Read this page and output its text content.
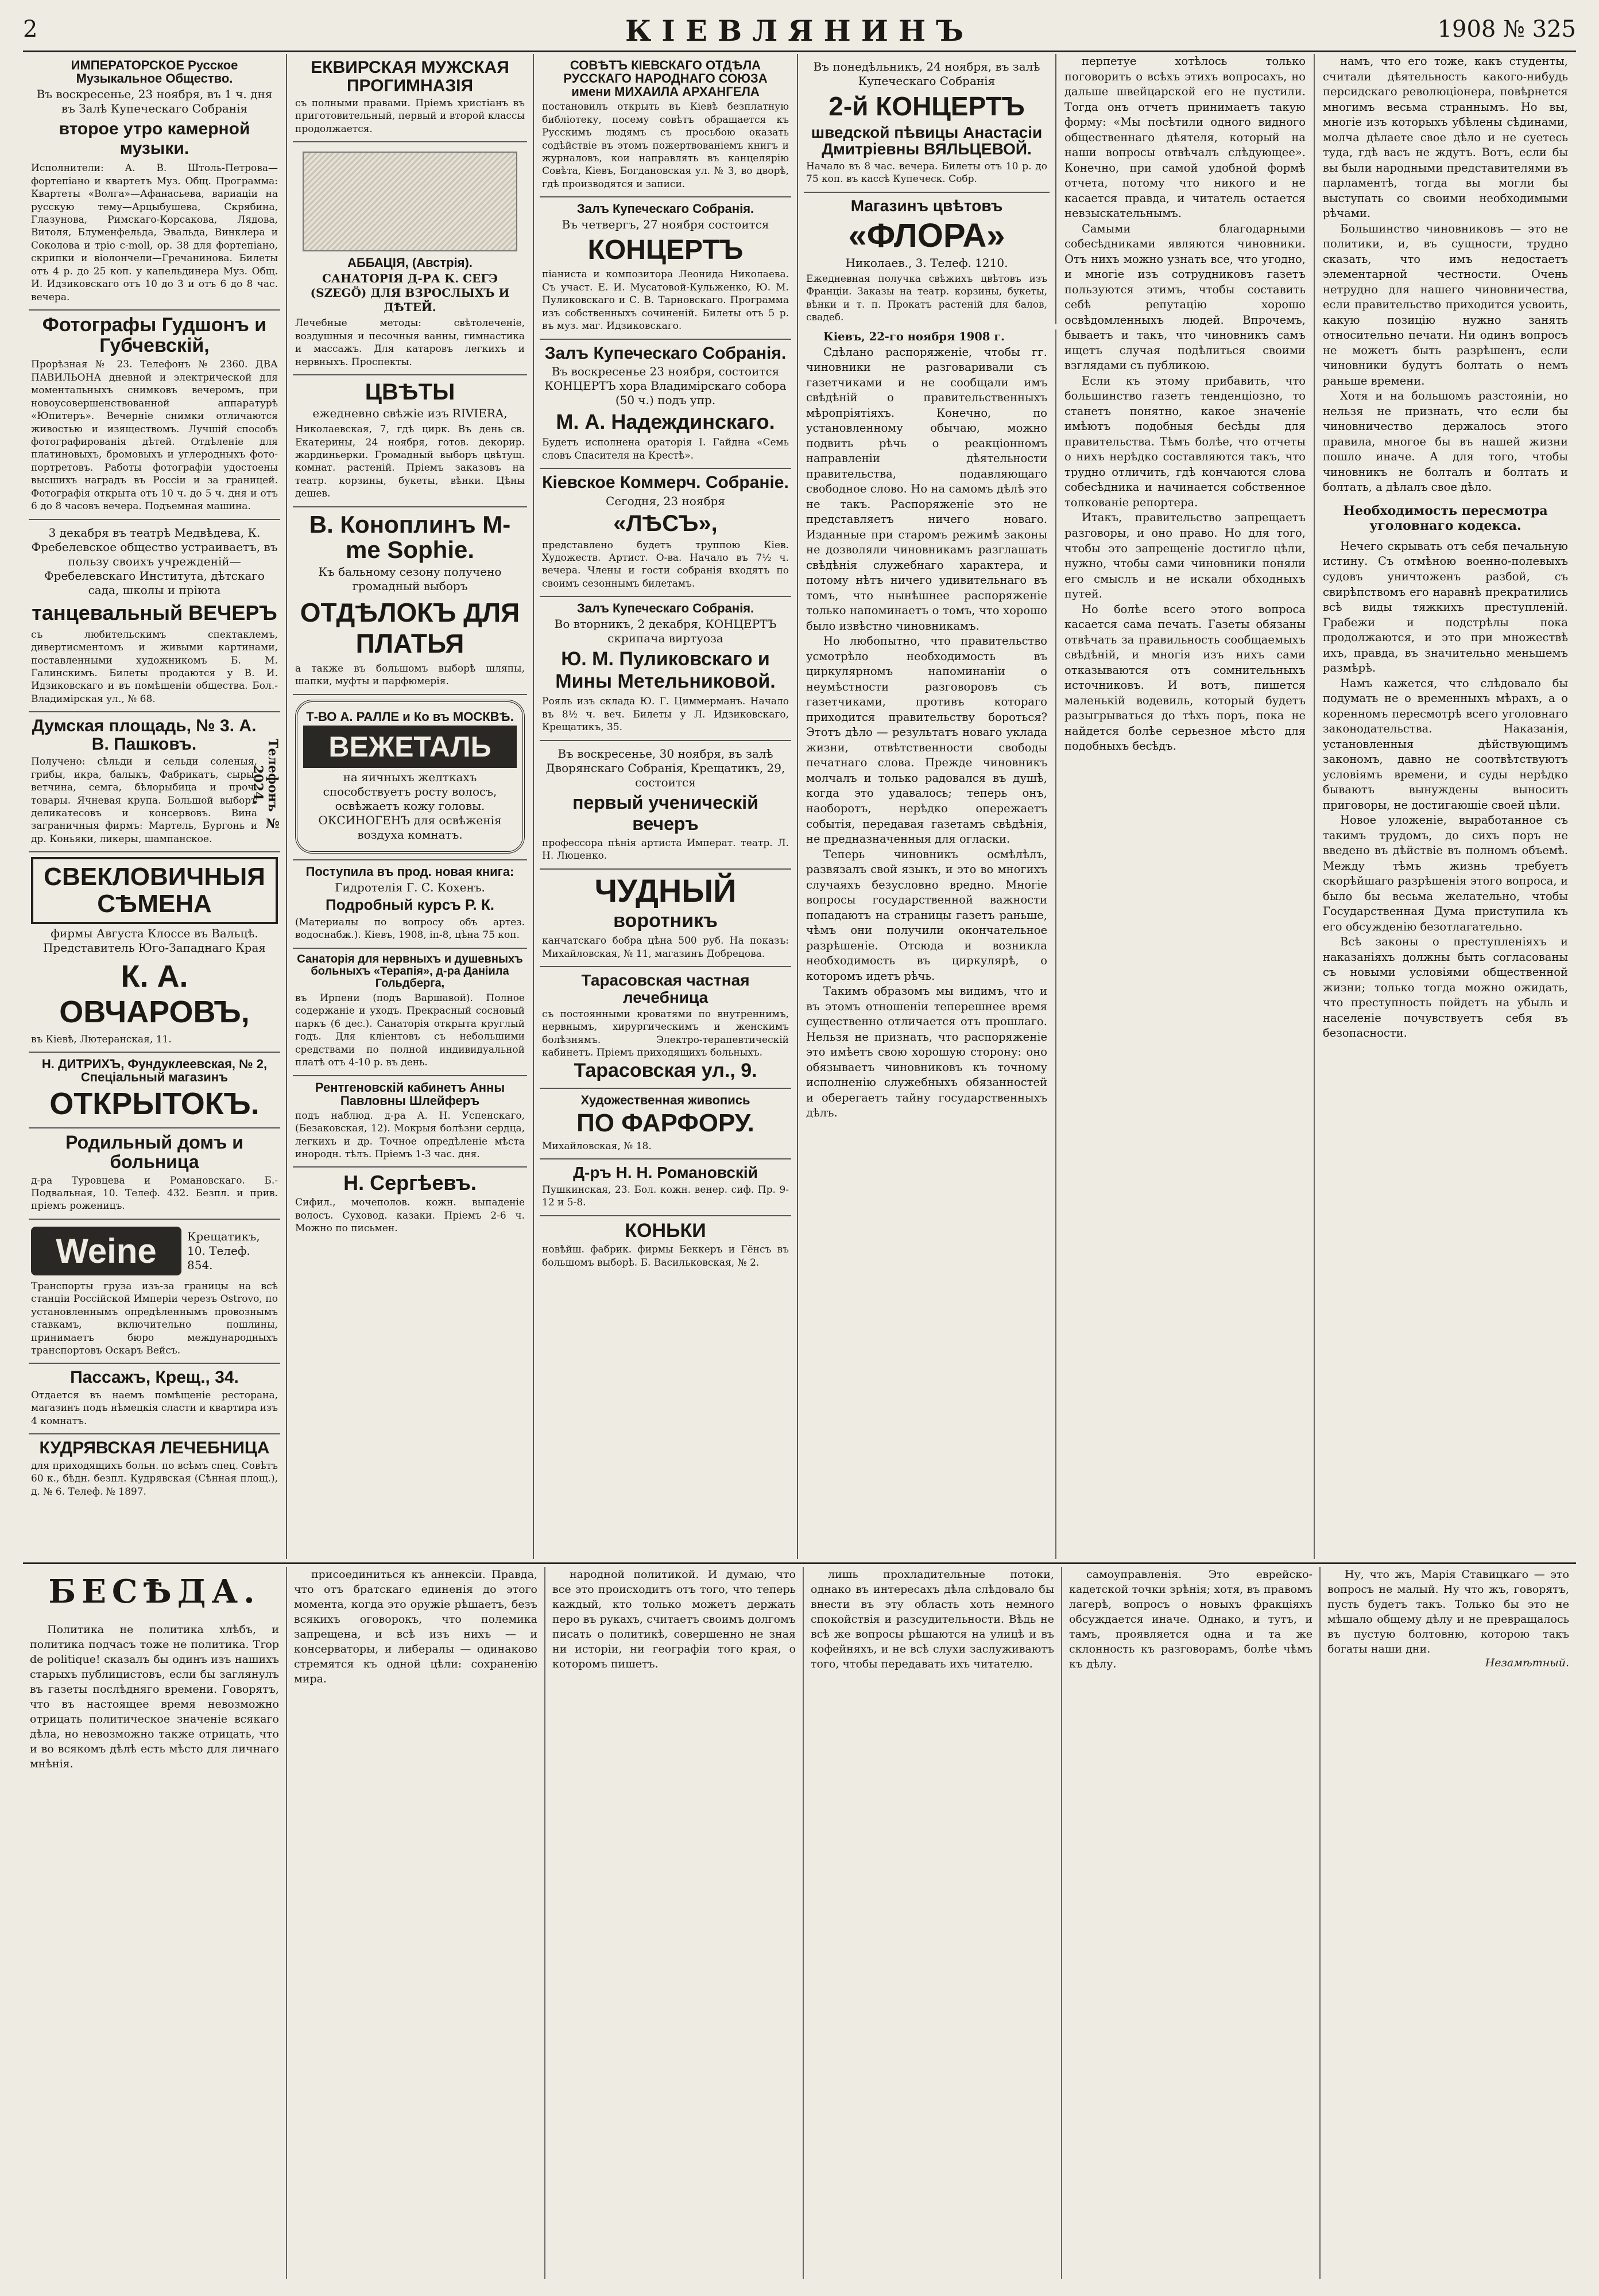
2	КІЕВЛЯНИНЪ	1908 № 325
ИМПЕРАТОРСКОЕ Русское Музыкальное Общество.
Въ воскресенье, 23 ноября, въ 1 ч. дня въ Залѣ Купеческаго Собранія
второе утро камерной музыки.
Исполнители: А. В. Штоль-Петрова—фортепіано и квартетъ Муз. Общ. Программа: Квартеты «Волга»—Афанасьева, вариаціи на русскую тему—Арцыбушева, Скрябина, Глазунова, Римскаго-Корсакова, Лядова, Витоля, Блуменфельда, Эвальда, Винклера и Соколова и трio с-moll, ор. 38 для фортепіано, скрипки и віолончели—Гречанинова. Билеты отъ 4 р. до 25 коп. у капельдинера Муз. Общ. И. Идзиковскаго отъ 10 до 3 и отъ 6 до 8 час. вечера.
Фотографы Гудшонъ и Губчевскій,
Прорѣзная № 23. Телефонъ № 2360. ДВА ПАВИЛЬОНА дневной и электрической для моментальныхъ снимковъ вечеромъ, при новоусовершенствованной аппаратурѣ «Юпитеръ». Вечерніе снимки отличаются живостью и изяществомъ. Лучшій способъ фотографированія дѣтей. Отдѣленіе для платиновыхъ, бромовыхъ и углеродныхъ фото-портретовъ. Работы фотографіи удостоены высшихъ наградъ въ Россіи и за границей. Фотографія открыта отъ 10 ч. до 5 ч. дня и отъ 6 до 8 часовъ вечера. Подъемная машина.
3 декабря въ театрѣ Медвѣдева, К. Фребелевское общество устраиваетъ, въ пользу своихъ учрежденій—Фребелевскаго Института, дѣтскаго сада, школы и пріюта
танцевальный ВЕЧЕРЪ
съ любительскимъ спектаклемъ, дивертисментомъ и живыми картинами, поставленными художникомъ Б. М. Галинскимъ. Билеты продаются у В. И. Идзиковскаго и въ помѣщеніи общества. Бол.-Владимірская ул., № 68.
Думская площадь, № 3. А. В. Пашковъ.
Получено: сѣльди и сельди соленыя, грибы, икра, балыкъ, Фабрикатъ, сыры, ветчина, семга, бѣлорыбица и проч. товары. Ячневая крупа. Большой выборъ деликатесовъ и консервовъ. Вина заграничныя фирмъ: Мартель, Бургонь и др. Коньяки, ликеры, шампанское.
Телефонъ № 2024.
СВЕКЛОВИЧНЫЯ СѢМЕНА
фирмы Августа Клоссе въ Вальцѣ. Представитель Юго-Западнаго Края
К. А. ОВЧАРОВЪ,
въ Кіевѣ, Лютеранская, 11.
Н. ДИТРИХЪ, Фундуклеевская, № 2, Спеціальный магазинъ
ОТКРЫТОКЪ.
Родильный домъ и больница
д-ра Туровцева и Романовскаго. Б.-Подвальная, 10. Телеф. 432. Безпл. и прив. пріемъ роженицъ.
Weine	Крещатикъ, 10. Телеф. 854.
Транспорты груза изъ-за границы на всѣ станціи Россійской Имперіи черезъ Ostrovo, по установленнымъ опредѣленнымъ провознымъ ставкамъ, включительно пошлины, принимаетъ бюро международныхъ транспортовъ Оскаръ Вейсъ.
Пассажъ, Крещ., 34.
Отдается въ наемъ помѣщеніе ресторана, магазинъ подъ нѣмецкія сласти и квартира изъ 4 комнатъ.
КУДРЯВСКАЯ ЛЕЧЕБНИЦА
для приходящихъ больн. по всѣмъ спец. Совѣтъ 60 к., бѣдн. безпл. Кудрявская (Сѣнная площ.), д. № 6. Телеф. № 1897.
ЕКВИРСКАЯ МУЖСКАЯ ПРОГИМНАЗІЯ
съ полными правами. Пріемъ христіанъ въ приготовительный, первый и второй классы продолжается.
АББАЦІЯ, (Австрія).
САНАТОРІЯ Д-РА К. СЕГЭ (SZEGÖ) ДЛЯ ВЗРОСЛЫХЪ И ДѢТЕЙ.
Лечебные методы: свѣтолеченіе, воздушныя и песочныя ванны, гимнастика и массажъ. Для катаровъ легкихъ и нервныхъ. Проспекты.
ЦВѢТЫ
ежедневно свѣжіе изъ RIVIERA,
Николаевская, 7, гдѣ цирк. Въ день св. Екатерины, 24 ноября, готов. декорир. жардиньерки. Громадный выборъ цвѣтущ. комнат. растеній. Пріемъ заказовъ на театр. корзины, букеты, вѣнки. Цѣны дешев.
В. Коноплинъ M-me Sophie.
Къ бальному сезону получено громадный выборъ
ОТДѢЛОКЪ ДЛЯ ПЛАТЬЯ
а также въ большомъ выборѣ шляпы, шапки, муфты и парфюмерія.
Т-ВО А. РАЛЛЕ и Ко въ МОСКВѢ.
ВЕЖЕТАЛЬ
на яичныхъ желткахъ способствуетъ росту волосъ, освѣжаетъ кожу головы. ОКСИНОГЕНЪ для освѣженія воздуха комнатъ.
Поступила въ прод. новая книга:
Гидротелія Г. С. Кохенъ.
Подробный курсъ Р. К.
(Материалы по вопросу объ артез. водоснабж.). Кіевъ, 1908, іп-8, цѣна 75 коп.
Санаторія для нервныхъ и душевныхъ больныхъ «Терапія», д-ра Даніила Гольдберга,
въ Ирпени (подъ Варшавой). Полное содержаніе и уходъ. Прекрасный сосновый паркъ (6 дес.). Санаторія открыта круглый годъ. Для кліентовъ съ небольшими средствами по полной индивидуальной платѣ отъ 4-10 р. въ день.
Рентгеновскій кабинетъ Анны Павловны Шлейферъ
подъ наблюд. д-ра А. Н. Успенскаго, (Безаковская, 12). Мокрыя болѣзни сердца, легкихъ и др. Точное опредѣленіе мѣста инородн. тѣлъ. Пріемъ 1-3 час. дня.
Н. Сергѣевъ.
Сифил., мочеполов. кожн. выпаденіе волосъ. Суховод. казаки. Пріемъ 2-6 ч. Можно по письмен.
СОВѢТЪ КІЕВСКАГО ОТДѢЛА РУССКАГО НАРОДНАГО СОЮЗА имени МИХАИЛА АРХАНГЕЛА
постановилъ открыть въ Кіевѣ безплатную библіотеку, посему совѣтъ обращается къ Русскимъ людямъ съ просьбою оказать содѣйствіе въ этомъ пожертвованіемъ книгъ и журналовъ, кои направлять въ канцелярію Совѣта, Кіевъ, Богдановская ул. № 3, во дворѣ, гдѣ производятся и записи.
Залъ Купеческаго Собранія.
Въ четвергъ, 27 ноября состоится
КОНЦЕРТЪ
піаниста и композитора Леонида Николаева. Съ участ. Е. И. Мусатовой-Кульженко, Ю. М. Пуликовскаго и С. В. Тарновскаго. Программа изъ собственныхъ сочиненій. Билеты отъ 5 р. въ муз. маг. Идзиковскаго.
Залъ Купеческаго Собранія.
Въ воскресенье 23 ноября, состоится КОНЦЕРТЪ хора Владимірскаго собора (50 ч.) подъ упр.
М. А. Надеждинскаго.
Будетъ исполнена ораторія І. Гайдна «Семь словъ Спасителя на Крестѣ».
Кіевское Коммерч. Собраніе.
Сегодня, 23 ноября
«ЛѢСЪ»,
представлено будетъ труппою Кіев. Художеств. Артист. О-ва. Начало въ 7½ ч. вечера. Члены и гости собранія входятъ по своимъ сезоннымъ билетамъ.
Залъ Купеческаго Собранія.
Во вторникъ, 2 декабря, КОНЦЕРТЪ скрипача виртуоза
Ю. М. Пуликовскаго и Мины Метельниковой.
Рояль изъ склада Ю. Г. Циммерманъ. Начало въ 8½ ч. веч. Билеты у Л. Идзиковскаго, Крещатикъ, 35.
Въ воскресенье, 30 ноября, въ залѣ Дворянскаго Собранія, Крещатикъ, 29, состоится
первый ученическій вечеръ
профессора пѣнія артиста Императ. театр. Л. Н. Люценко.
ЧУДНЫЙ
воротникъ
канчатскаго бобра цѣна 500 руб. На показъ: Михайловская, № 11, магазинъ Добрецова.
Тарасовская частная лечебница
съ постоянными кроватями по внутреннимъ, нервнымъ, хирургическимъ и женскимъ болѣзнямъ. Электро-терапевтическій кабинетъ. Пріемъ приходящихъ больныхъ.
Тарасовская ул., 9.
Художественная живопись
ПО ФАРФОРУ.
Михайловская, № 18.
Д-ръ Н. Н. Романовскій
Пушкинская, 23. Бол. кожн. венер. сиф. Пр. 9-12 и 5-8.
КОНЬКИ
новѣйш. фабрик. фирмы Беккеръ и Гёнсъ въ большомъ выборѣ. Б. Васильковская, № 2.
Въ понедѣльникъ, 24 ноября, въ залѣ Купеческаго Собранія
2-й КОНЦЕРТЪ
шведской пѣвицы Анастасіи Дмитріевны ВЯЛЬЦЕВОЙ.
Начало въ 8 час. вечера. Билеты отъ 10 р. до 75 коп. въ кассѣ Купеческ. Собр.
Магазинъ цвѣтовъ
«ФЛОРА»
Николаев., 3. Телеф. 1210.
Ежедневная получка свѣжихъ цвѣтовъ изъ Франціи. Заказы на театр. корзины, букеты, вѣнки и т. п. Прокатъ растеній для балов, свадеб.

Кіевъ, 22-го ноября 1908 г.

Сдѣлано распоряженіе, чтобы гг. чиновники не разговаривали съ газетчиками и не сообщали имъ свѣдѣній о правительственныхъ мѣропріятіяхъ. Конечно, по установленному обычаю, можно подвить рѣчь о реакціонномъ направленіи дѣятельности правительства, подавляющаго свободное слово. Но на самомъ дѣлѣ это не такъ. Распоряженіе это не представляетъ ничего новаго. Изданные при старомъ режимѣ законы не дозволяли чиновникамъ разглашать свѣдѣнія служебнаго характера, и потому нѣтъ ничего удивительнаго въ томъ, что нынѣшнее распоряженіе только напоминаетъ о томъ, что хорошо было извѣстно чиновникамъ.

Но любопытно, что правительство усмотрѣло необходимость въ циркулярномъ напоминаніи о неумѣстности разговоровъ съ газетчиками, противъ котораго приходится правительству бороться? Этотъ дѣло — результатъ новаго уклада жизни, отвѣтственности свободы печатнаго слова. Прежде чиновникъ молчалъ и только радовался въ душѣ, когда это удавалось; теперь онъ, наоборотъ, нерѣдко опережаетъ событія, передавая газетамъ свѣдѣнія, не предназначенныя для огласки.

Теперь чиновникъ осмѣлѣлъ, развязалъ свой языкъ, и это во многихъ случаяхъ безусловно вредно. Многіе вопросы государственной важности попадаютъ на страницы газетъ раньше, чѣмъ они получили окончательное разрѣшеніе. Отсюда и возникла необходимость въ циркулярѣ, о которомъ идетъ рѣчь.

Такимъ образомъ мы видимъ, что и въ этомъ отношеніи теперешнее время существенно отличается отъ прошлаго. Нельзя не признать, что распоряженіе это имѣетъ свою хорошую сторону: оно обязываетъ чиновниковъ къ точному исполненію служебныхъ обязанностей и оберегаетъ тайну государственныхъ дѣлъ.

перпетуе хотѣлось только поговорить о всѣхъ этихъ вопросахъ, но дальше швейцарской его не пустили. Тогда онъ отчетъ принимаетъ такую форму: «Мы посѣтили одного видного общественнаго дѣятеля, который на наши вопросы отвѣчалъ слѣдующее». Конечно, при самой удобной формѣ отчета, потому что никого и не касается правда, и читатель остается невзыскательнымъ.

Самыми благодарными собесѣдниками являются чиновники. Отъ нихъ можно узнать все, что угодно, и многіе изъ сотрудниковъ газетъ пользуются этимъ, чтобы составить себѣ репутацію хорошо освѣдомленныхъ людей. Впрочемъ, бываетъ и такъ, что чиновникъ самъ ищетъ случая подѣлиться своими взглядами съ публикою.

Если къ этому прибавить, что большинство газетъ тенденціозно, то станетъ понятно, какое значеніе имѣютъ подобныя бесѣды для правительства. Тѣмъ болѣе, что отчеты о нихъ нерѣдко составляются такъ, что трудно отличить, гдѣ кончаются слова собесѣдника и начинается собственное толкованіе репортера.

Итакъ, правительство запрещаетъ разговоры, и оно право. Но для того, чтобы это запрещеніе достигло цѣли, нужно, чтобы сами чиновники поняли его смыслъ и не искали обходныхъ путей.

Но болѣе всего этого вопроса касается сама печать. Газеты обязаны отвѣчать за правильность сообщаемыхъ свѣдѣній, и многія изъ нихъ сами отказываются отъ сомнительныхъ источниковъ. И вотъ, пишется маленькій водевиль, который будетъ разыгрываться до тѣхъ поръ, пока не найдется болѣе серьезное мѣсто для подобныхъ бесѣдъ.

намъ, что его тоже, какъ студенты, считали дѣятельность какого-нибудь персидскаго революціонера, повѣрнется многимъ весьма страннымъ. Но вы, многіе изъ которыхъ убѣлены сѣдинами, молча дѣлаете свое дѣло и не суетесь туда, гдѣ васъ не ждутъ. Вотъ, если бы вы были народными представителями въ парламентѣ, тогда вы могли бы выступать со своими необходимыми рѣчами.

Большинство чиновниковъ — это не политики, и, въ сущности, трудно сказать, что имъ недостаетъ элементарной честности. Очень нетрудно для нашего чиновничества, если правительство приходится усвоить, какую позицію нужно занять относительно печати. Ни одинъ вопросъ не можетъ быть разрѣшенъ, если чиновники будутъ болтать о немъ раньше времени.

Хотя и на большомъ разстояніи, но нельзя не признать, что если бы чиновничество держалось этого правила, многое бы въ нашей жизни пошло иначе. А для того, чтобы чиновникъ не болталъ и болтать и болтать, а дѣлалъ свое дѣло.

Необходимость пересмотра уголовнаго кодекса.

Нечего скрывать отъ себя печальную истину. Съ отмѣною военно-полевыхъ судовъ уничтоженъ разбой, съ свирѣпствомъ его наравнѣ прекратились всѣ виды тяжкихъ преступленій. Грабежи и подстрѣлы пока продолжаются, и это при множествѣ ихъ, правда, въ значительно меньшемъ размѣрѣ.

Намъ кажется, что слѣдовало бы подумать не о временныхъ мѣрахъ, а о коренномъ пересмотрѣ всего уголовнаго законодательства. Наказанія, установленныя дѣйствующимъ закономъ, давно не соотвѣтствуютъ условіямъ времени, и суды нерѣдко бываютъ вынуждены выносить приговоры, не достигающіе своей цѣли.

Новое уложеніе, выработанное съ такимъ трудомъ, до сихъ поръ не введено въ дѣйствіе въ полномъ объемѣ. Между тѣмъ жизнь требуетъ скорѣйшаго разрѣшенія этого вопроса, и было бы весьма желательно, чтобы Государственная Дума приступила къ его обсужденію безотлагательно.

Всѣ законы о преступленіяхъ и наказаніяхъ должны быть согласованы съ новыми условіями общественной жизни; только тогда можно ожидать, что преступность пойдетъ на убыль и населеніе почувствуетъ себя въ безопасности.

БЕСѢДА.

Политика не политика хлѣбъ, и политика подчасъ тоже не политика. Trop de politique! сказалъ бы одинъ изъ нашихъ старыхъ публицистовъ, если бы заглянулъ въ газеты послѣдняго времени. Говорятъ, что въ настоящее время невозможно отрицать политическое значеніе всякаго дѣла, но невозможно также отрицать, что и во всякомъ дѣлѣ есть мѣсто для личнаго мнѣнія.

присоединиться къ аннексіи. Правда, что отъ братскаго единенія до этого момента, когда это оружіе рѣшаетъ, безъ всякихъ оговорокъ, что полемика запрещена, и всѣ изъ нихъ — и консерваторы, и либералы — одинаково стремятся къ одной цѣли: сохраненію мира.

народной политикой. И думаю, что все это происходитъ отъ того, что теперь каждый, кто только можетъ держать перо въ рукахъ, считаетъ своимъ долгомъ писать о политикѣ, совершенно не зная ни исторіи, ни географіи того края, о которомъ пишетъ.

лишь прохладительные потоки, однако въ интересахъ дѣла слѣдовало бы внести въ эту область хоть немного спокойствія и разсудительности. Вѣдь не всѣ же вопросы рѣшаются на улицѣ и въ кофейняхъ, и не всѣ слухи заслуживаютъ того, чтобы передавать ихъ читателю.

самоуправленія. Это еврейско-кадетской точки зрѣнія; хотя, въ правомъ лагерѣ, вопросъ о новыхъ фракціяхъ обсуждается иначе. Однако, и тутъ, и тамъ, проявляется одна и та же склонность къ разговорамъ, болѣе чѣмъ къ дѣлу.

Ну, что жъ, Марія Ставицкаго — это вопросъ не малый. Ну что жъ, говорятъ, пусть будетъ такъ. Только бы это не мѣшало общему дѣлу и не превращалось въ пустую болтовню, которою такъ богаты наши дни.

Незамѣтный.
